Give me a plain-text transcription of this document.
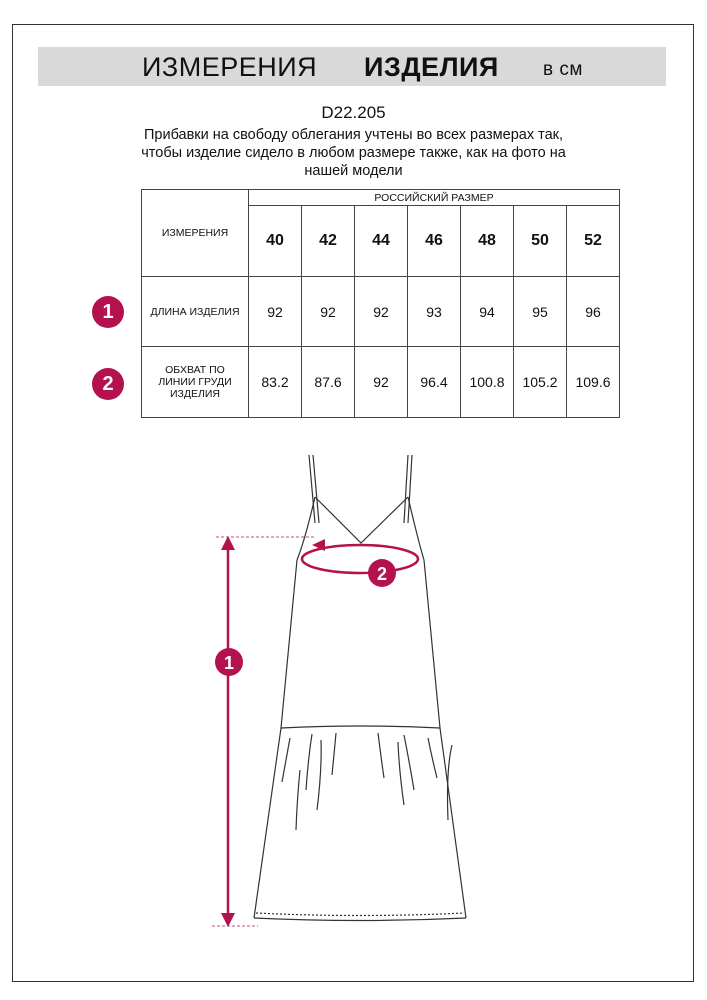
ИЗМЕРЕНИЯ ИЗДЕЛИЯ в см
D22.205
Прибавки на свободу облегания учтены во всех размерах так,
чтобы изделие сидело в любом размере также, как на фото на
нашей модели
ИЗМЕРЕНИЯ	РОССИЙСКИЙ РАЗМЕР						
	40	42	44	46	48	50	52
ДЛИНА ИЗДЕЛИЯ	92	92	92	93	94	95	96

ОБХВАТ ПО
ЛИНИИ ГРУДИ
ИЗДЕЛИЯ	83.2	87.6	92	96.4	100.8	105.2	109.6
1
2
1
2
